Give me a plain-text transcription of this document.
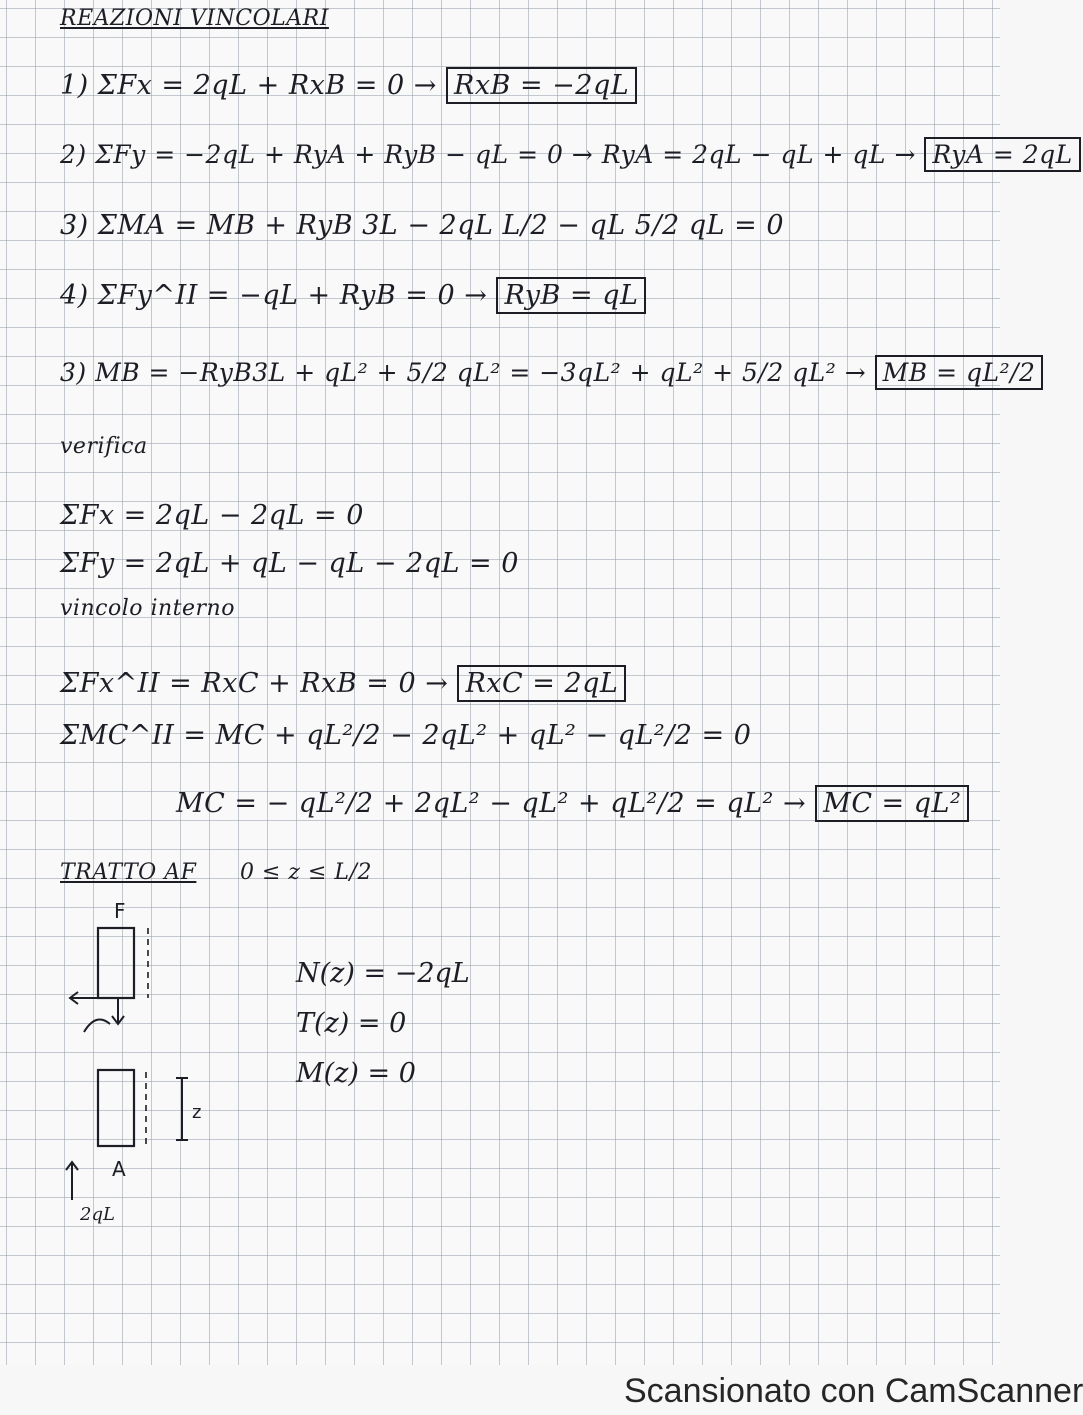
REAZIONI VINCOLARI
1) ΣFx = 2qL + RxB = 0 → RxB = −2qL
2) ΣFy = −2qL + RyA + RyB − qL = 0 → RyA = 2qL − qL + qL → RyA = 2qL
3) ΣMA = MB + RyB 3L − 2qL L/2 − qL 5/2 qL = 0
4) ΣFy^II = −qL + RyB = 0 → RyB = qL
3) MB = −RyB3L + qL² + 5/2 qL² = −3qL² + qL² + 5/2 qL² → MB = qL²/2
verifica
ΣFx = 2qL − 2qL = 0
ΣFy = 2qL + qL − qL − 2qL = 0
vincolo interno
ΣFx^II = RxC + RxB = 0 → RxC = 2qL
ΣMC^II = MC + qL²/2 − 2qL² + qL² − qL²/2 = 0
MC = − qL²/2 + 2qL² − qL² + qL²/2 = qL² → MC = qL²
TRATTO AF 0 ≤ z ≤ L/2
F
z
A
2qL
N(z) = −2qL
T(z) = 0
M(z) = 0
Scansionato con CamScanner
